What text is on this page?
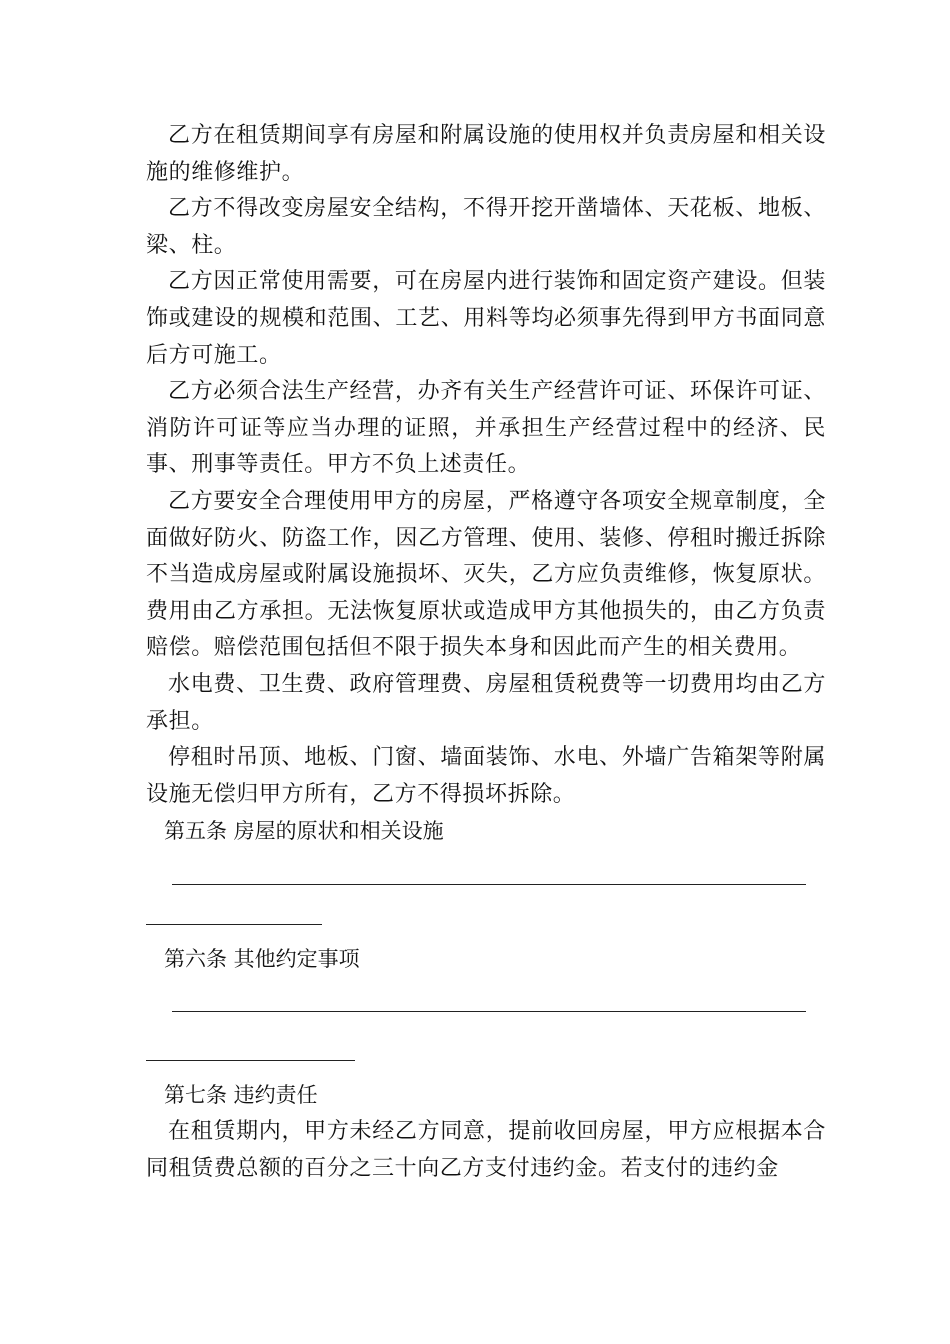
乙方在租赁期间享有房屋和附属设施的使用权并负责房屋和相关设施的维修维护。

乙方不得改变房屋安全结构，不得开挖开凿墙体、天花板、地板、梁、柱。

乙方因正常使用需要，可在房屋内进行装饰和固定资产建设。但装饰或建设的规模和范围、工艺、用料等均必须事先得到甲方书面同意后方可施工。

乙方必须合法生产经营，办齐有关生产经营许可证、环保许可证、消防许可证等应当办理的证照，并承担生产经营过程中的经济、民事、刑事等责任。甲方不负上述责任。

乙方要安全合理使用甲方的房屋，严格遵守各项安全规章制度，全面做好防火、防盗工作，因乙方管理、使用、装修、停租时搬迁拆除不当造成房屋或附属设施损坏、灭失，乙方应负责维修，恢复原状。费用由乙方承担。无法恢复原状或造成甲方其他损失的，由乙方负责赔偿。赔偿范围包括但不限于损失本身和因此而产生的相关费用。

水电费、卫生费、政府管理费、房屋租赁税费等一切费用均由乙方承担。

停租时吊顶、地板、门窗、墙面装饰、水电、外墙广告箱架等附属设施无偿归甲方所有，乙方不得损坏拆除。

第五条 房屋的原状和相关设施

第六条 其他约定事项

第七条 违约责任

在租赁期内，甲方未经乙方同意，提前收回房屋，甲方应根据本合同租赁费总额的百分之三十向乙方支付违约金。若支付的违约金
